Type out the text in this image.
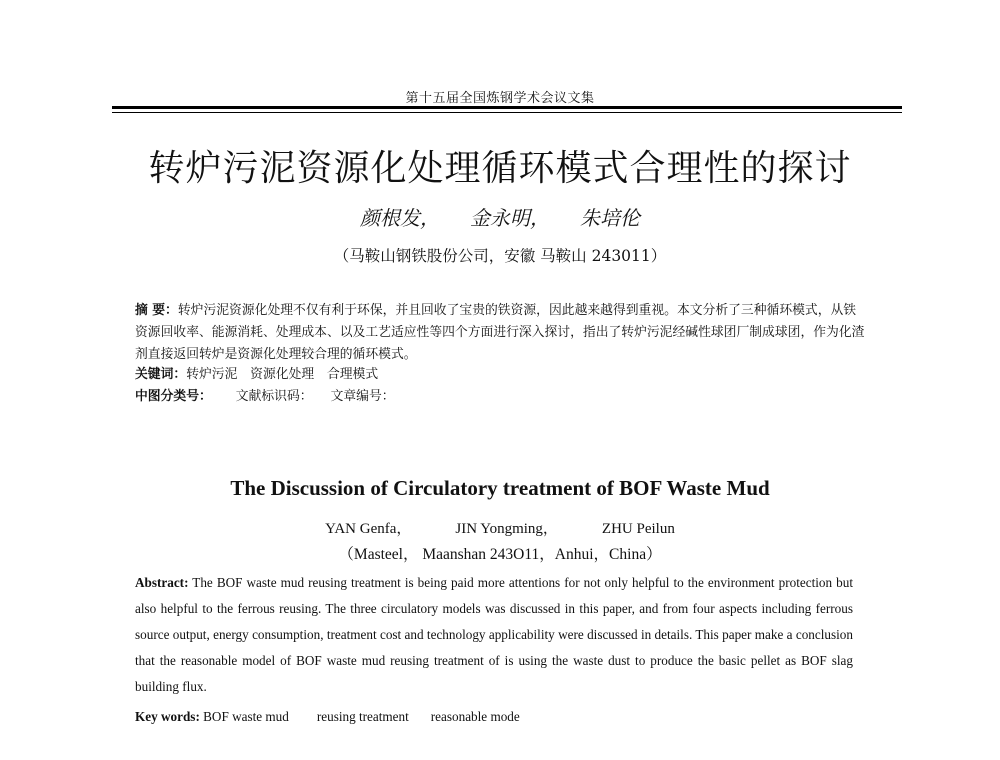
第十五届全国炼钢学术会议文集
转炉污泥资源化处理循环模式合理性的探讨
颜根发， 金永明， 朱培伦
（马鞍山钢铁股份公司，安徽 马鞍山 243011）
摘 要：转炉污泥资源化处理不仅有利于环保，并且回收了宝贵的铁资源，因此越来越得到重视。本文分析了三种循环模式，从铁资源回收率、能源消耗、处理成本、以及工艺适应性等四个方面进行深入探讨，指出了转炉污泥经碱性球团厂制成球团，作为化渣剂直接返回转炉是资源化处理较合理的循环模式。
关键词：转炉污泥　资源化处理　合理模式
中图分类号： 文献标识码： 文章编号：
The Discussion of Circulatory treatment of BOF Waste Mud
YAN Genfa，	JIN Yongming，	ZHU Peilun
（Masteel， Maanshan 243O11，Anhui，China）
Abstract: The BOF waste mud reusing treatment is being paid more attentions for not only helpful to the environment protection but also helpful to the ferrous reusing. The three circulatory models was discussed in this paper, and from four aspects including ferrous source output, energy consumption, treatment cost and technology applicability were discussed in details. This paper make a conclusion that the reasonable model of BOF waste mud reusing treatment of is using the waste dust to produce the basic pellet as BOF slag building flux.
Key words: BOF waste mud reusing treatment reasonable mode
